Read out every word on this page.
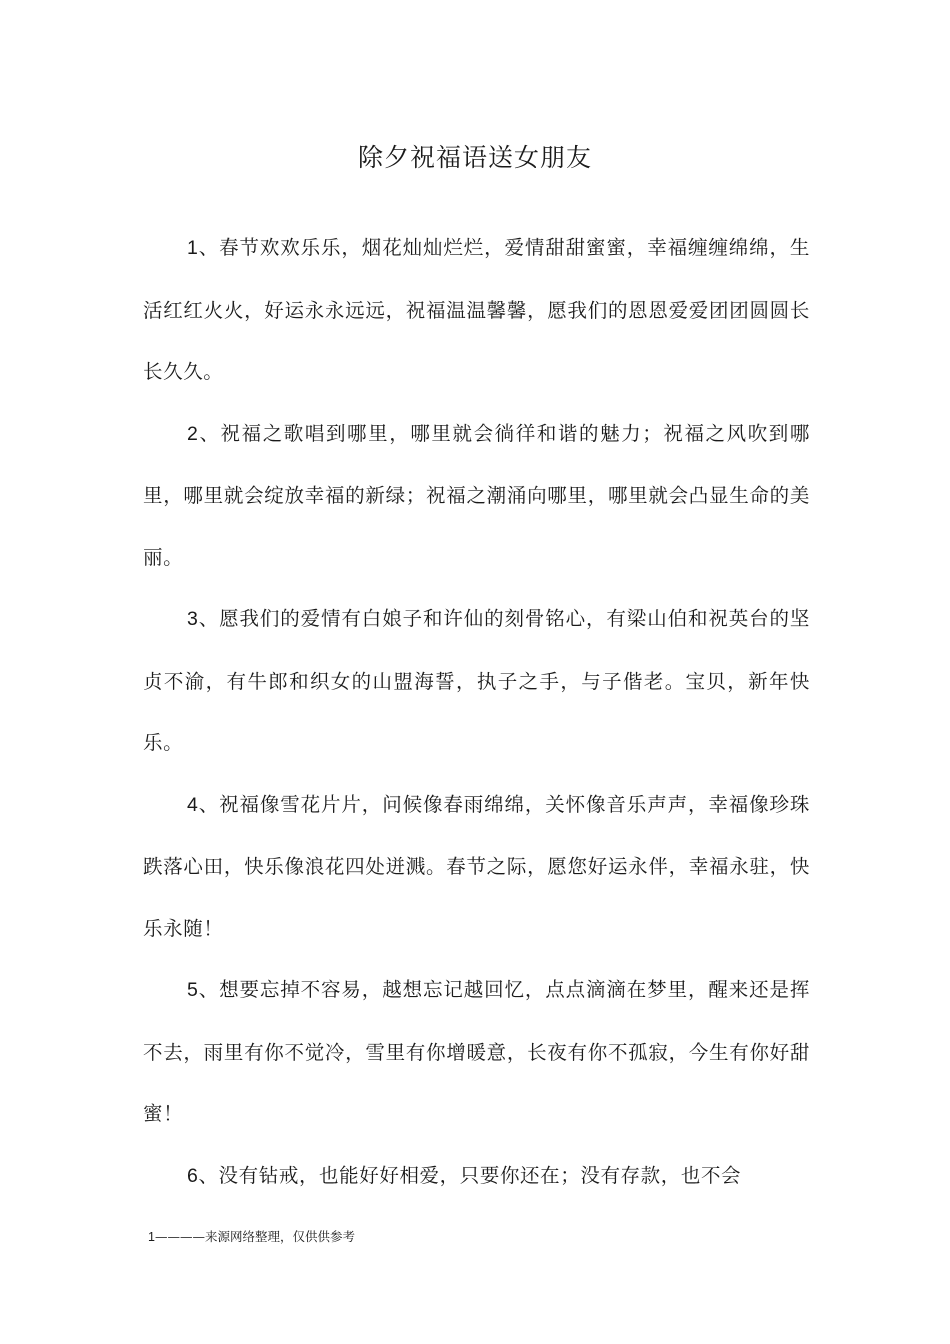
除夕祝福语送女朋友

1、春节欢欢乐乐，烟花灿灿烂烂，爱情甜甜蜜蜜，幸福缠缠绵绵，生活红红火火，好运永永远远，祝福温温馨馨，愿我们的恩恩爱爱团团圆圆长长久久。

2、祝福之歌唱到哪里，哪里就会徜徉和谐的魅力；祝福之风吹到哪里，哪里就会绽放幸福的新绿；祝福之潮涌向哪里，哪里就会凸显生命的美丽。

3、愿我们的爱情有白娘子和许仙的刻骨铭心，有梁山伯和祝英台的坚贞不渝，有牛郎和织女的山盟海誓，执子之手，与子偕老。宝贝，新年快乐。

4、祝福像雪花片片，问候像春雨绵绵，关怀像音乐声声，幸福像珍珠跌落心田，快乐像浪花四处迸溅。春节之际，愿您好运永伴，幸福永驻，快乐永随！

5、想要忘掉不容易，越想忘记越回忆，点点滴滴在梦里，醒来还是挥不去，雨里有你不觉冷，雪里有你增暖意，长夜有你不孤寂，今生有你好甜蜜！

6、没有钻戒，也能好好相爱，只要你还在；没有存款，也不会

1————来源网络整理，仅供供参考
